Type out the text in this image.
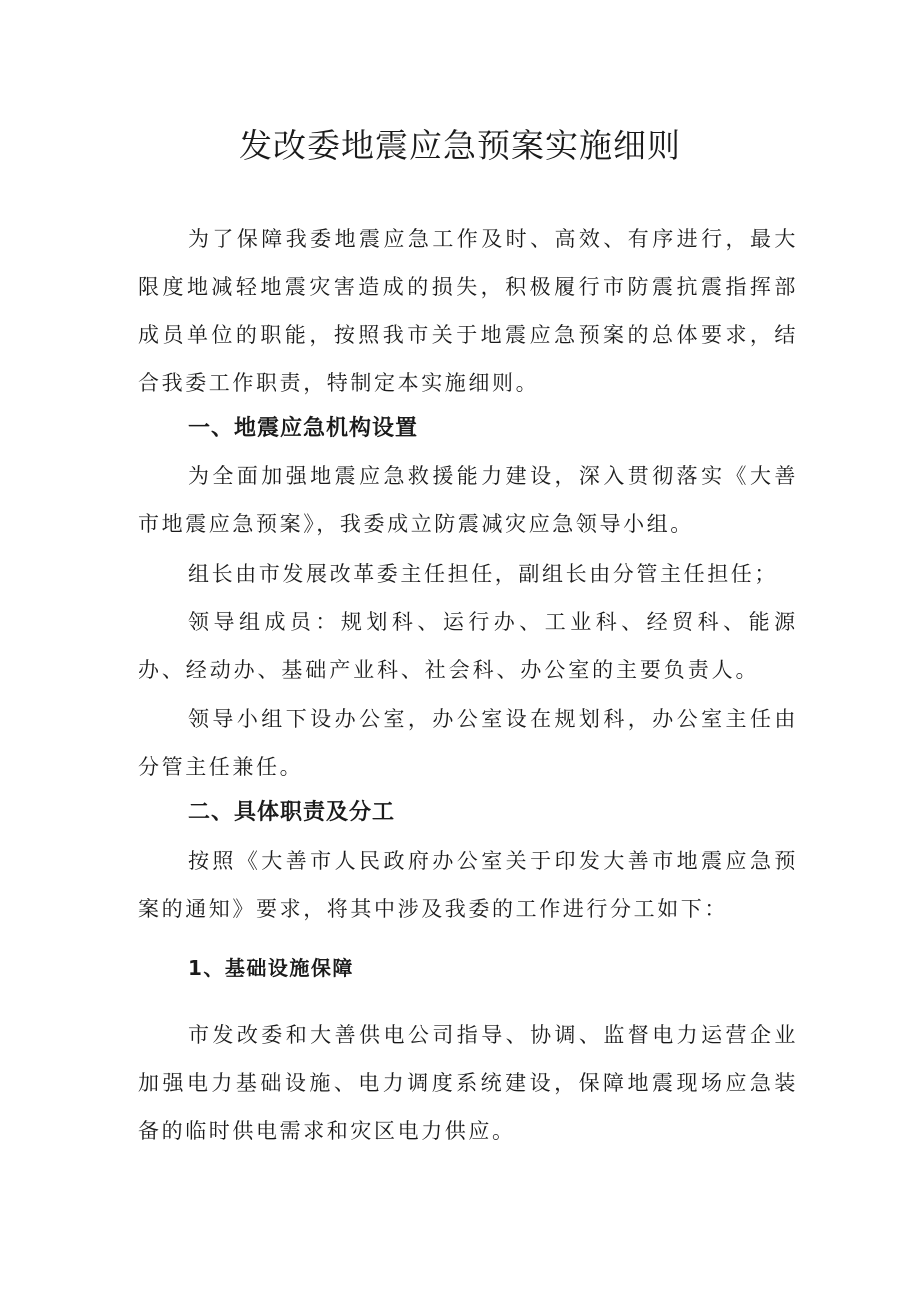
发改委地震应急预案实施细则

为了保障我委地震应急工作及时、高效、有序进行，最大限度地减轻地震灾害造成的损失，积极履行市防震抗震指挥部成员单位的职能，按照我市关于地震应急预案的总体要求，结合我委工作职责，特制定本实施细则。

一、地震应急机构设置

为全面加强地震应急救援能力建设，深入贯彻落实《大善市地震应急预案》，我委成立防震减灾应急领导小组。

组长由市发展改革委主任担任，副组长由分管主任担任；

领导组成员：规划科、运行办、工业科、经贸科、能源办、经动办、基础产业科、社会科、办公室的主要负责人。

领导小组下设办公室，办公室设在规划科，办公室主任由分管主任兼任。

二、具体职责及分工

按照《大善市人民政府办公室关于印发大善市地震应急预案的通知》要求，将其中涉及我委的工作进行分工如下：

1、基础设施保障

市发改委和大善供电公司指导、协调、监督电力运营企业加强电力基础设施、电力调度系统建设，保障地震现场应急装备的临时供电需求和灾区电力供应。
